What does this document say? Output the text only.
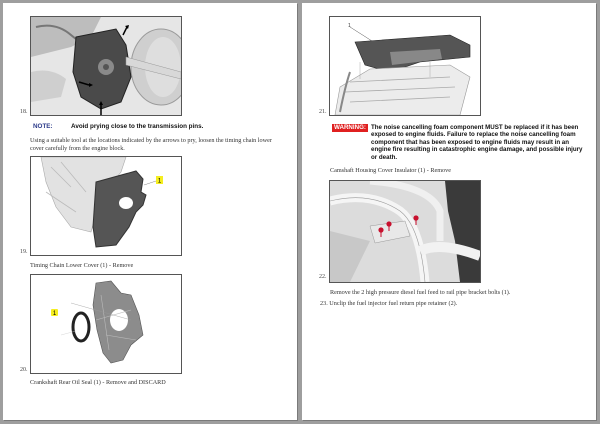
18.
NOTE:	Avoid prying close to the transmission pins.
Using a suitable tool at the locations indicated by the arrows to pry, loosen the timing chain lower cover carefully from the engine block.
1
19.
Timing Chain Lower Cover (1) - Remove
1
20.
Crankshaft Rear Oil Seal (1) - Remove and DISCARD
1
21.
WARNING: The noise cancelling foam component MUST be replaced if it has been exposed to engine fluids. Failure to replace the noise cancelling foam component that has been exposed to engine fluids may result in an engine fire resulting in catastrophic engine damage, and possible injury or death.
Camshaft Housing Cover Insulator (1) - Remove
22.
Remove the 2 high pressure diesel fuel feed to rail pipe bracket bolts (1).
23. Unclip the fuel injector fuel return pipe retainer (2).
